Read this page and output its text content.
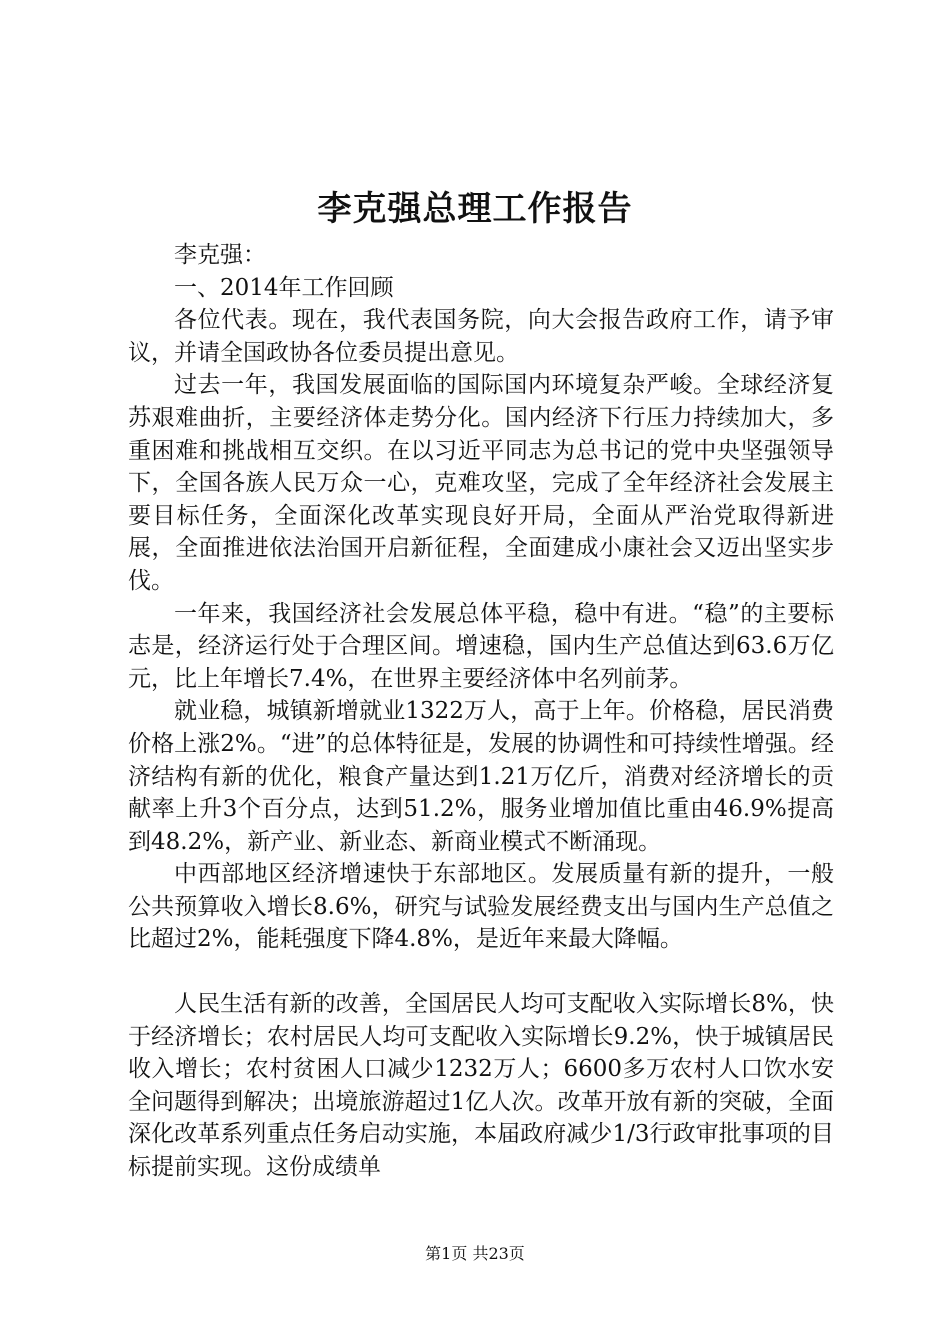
李克强总理工作报告

李克强：

一、2014年工作回顾

各位代表。现在，我代表国务院，向大会报告政府工作，请予审议，并请全国政协各位委员提出意见。

过去一年，我国发展面临的国际国内环境复杂严峻。全球经济复苏艰难曲折，主要经济体走势分化。国内经济下行压力持续加大，多重困难和挑战相互交织。在以习近平同志为总书记的党中央坚强领导下，全国各族人民万众一心，克难攻坚，完成了全年经济社会发展主要目标任务，全面深化改革实现良好开局，全面从严治党取得新进展，全面推进依法治国开启新征程，全面建成小康社会又迈出坚实步伐。

一年来，我国经济社会发展总体平稳，稳中有进。“稳”的主要标志是，经济运行处于合理区间。增速稳，国内生产总值达到63.6万亿元，比上年增长7.4%，在世界主要经济体中名列前茅。

就业稳，城镇新增就业1322万人，高于上年。价格稳，居民消费价格上涨2%。“进”的总体特征是，发展的协调性和可持续性增强。经济结构有新的优化，粮食产量达到1.21万亿斤，消费对经济增长的贡献率上升3个百分点，达到51.2%，服务业增加值比重由46.9%提高到48.2%，新产业、新业态、新商业模式不断涌现。

中西部地区经济增速快于东部地区。发展质量有新的提升，一般公共预算收入增长8.6%，研究与试验发展经费支出与国内生产总值之比超过2%，能耗强度下降4.8%，是近年来最大降幅。

人民生活有新的改善，全国居民人均可支配收入实际增长8%，快于经济增长；农村居民人均可支配收入实际增长9.2%，快于城镇居民收入增长；农村贫困人口减少1232万人；6600多万农村人口饮水安全问题得到解决；出境旅游超过1亿人次。改革开放有新的突破，全面深化改革系列重点任务启动实施，本届政府减少1/3行政审批事项的目标提前实现。这份成绩单

第1页 共23页
